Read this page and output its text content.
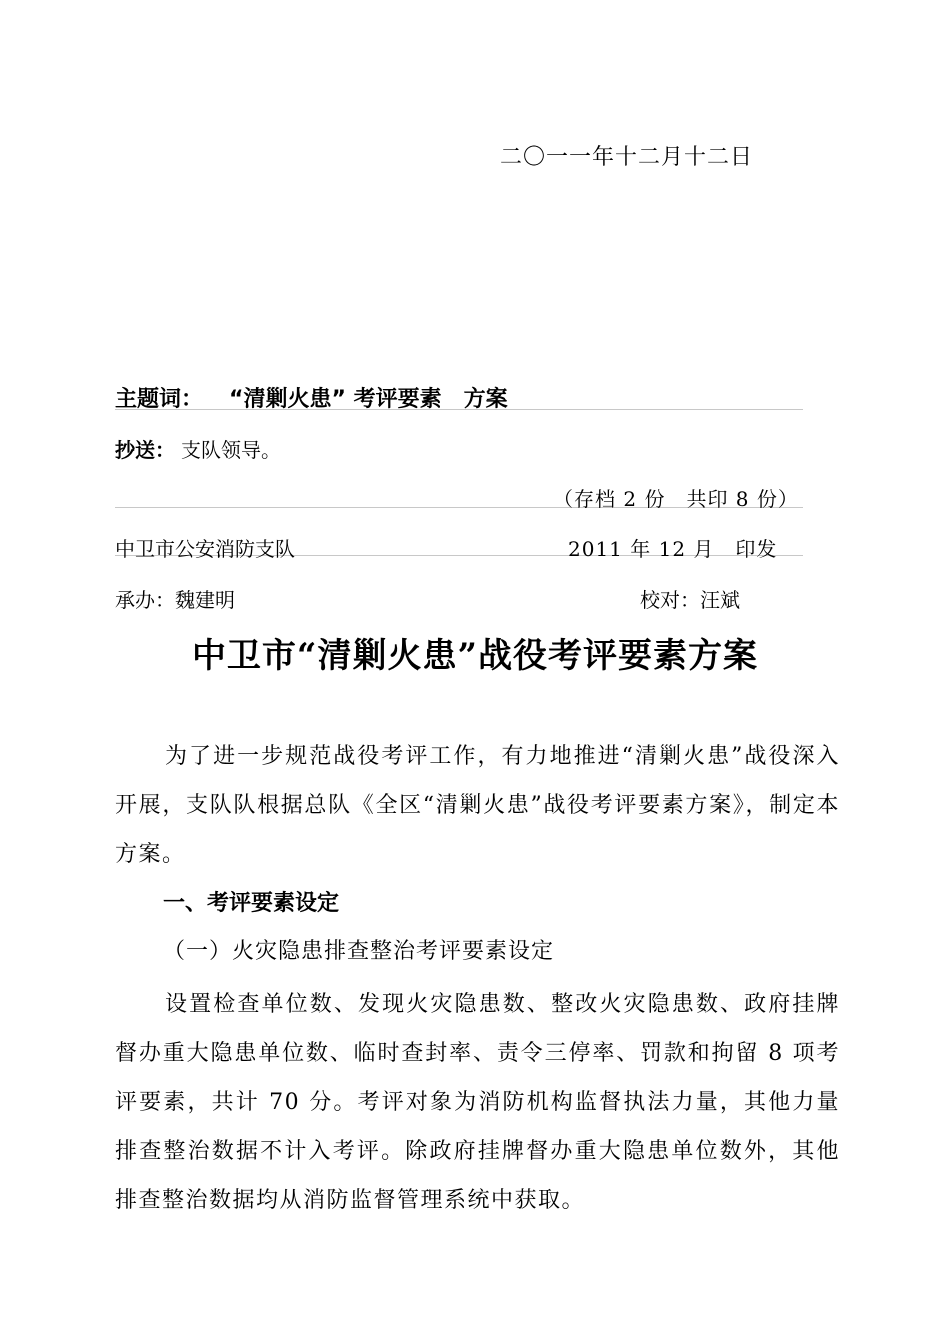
二〇一一年十二月十二日
主题词： “清剿火患” 考评要素　方案
抄送： 支队领导。
（存档 2 份　共印 8 份）
中卫市公安消防支队	2011 年 12 月　印发
承办：魏建明	校对：汪斌
中卫市“清剿火患”战役考评要素方案
为了进一步规范战役考评工作，有力地推进“清剿火患”战役深入开展，支队队根据总队《全区“清剿火患”战役考评要素方案》，制定本方案。
一、考评要素设定
（一）火灾隐患排查整治考评要素设定
设置检查单位数、发现火灾隐患数、整改火灾隐患数、政府挂牌督办重大隐患单位数、临时查封率、责令三停率、罚款和拘留 8 项考评要素，共计 70 分。考评对象为消防机构监督执法力量，其他力量排查整治数据不计入考评。除政府挂牌督办重大隐患单位数外，其他排查整治数据均从消防监督管理系统中获取。
